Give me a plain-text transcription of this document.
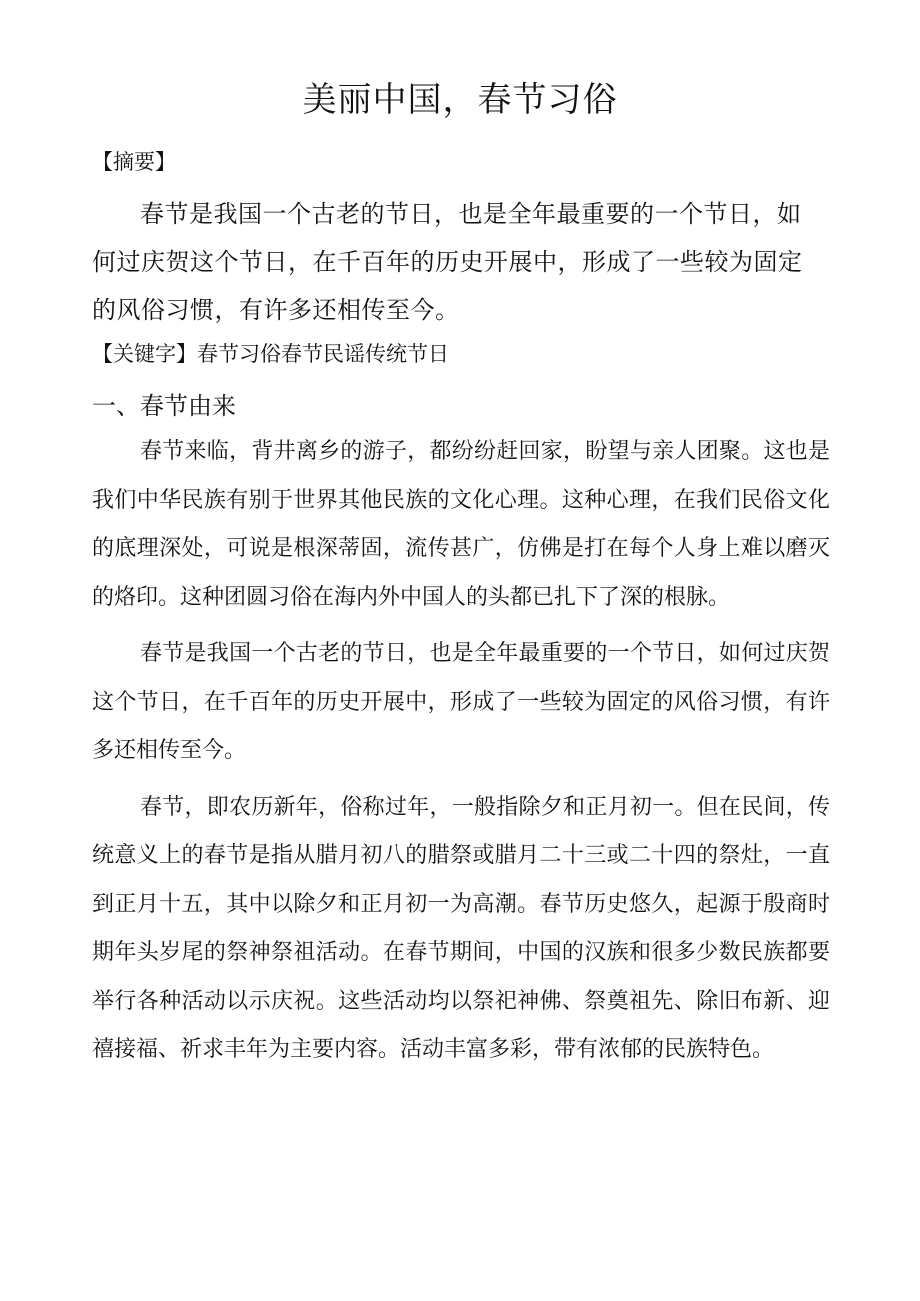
美丽中国，春节习俗

【摘要】

春节是我国一个古老的节日，也是全年最重要的一个节日，如何过庆贺这个节日，在千百年的历史开展中，形成了一些较为固定的风俗习惯，有许多还相传至今。

【关键字】春节习俗春节民谣传统节日

一、春节由来

春节来临，背井离乡的游子，都纷纷赶回家，盼望与亲人团聚。这也是我们中华民族有别于世界其他民族的文化心理。这种心理，在我们民俗文化的底理深处，可说是根深蒂固，流传甚广，仿佛是打在每个人身上难以磨灭的烙印。这种团圆习俗在海内外中国人的头都已扎下了深的根脉。

春节是我国一个古老的节日，也是全年最重要的一个节日，如何过庆贺这个节日，在千百年的历史开展中，形成了一些较为固定的风俗习惯，有许多还相传至今。

春节，即农历新年，俗称过年，一般指除夕和正月初一。但在民间，传统意义上的春节是指从腊月初八的腊祭或腊月二十三或二十四的祭灶，一直到正月十五，其中以除夕和正月初一为高潮。春节历史悠久，起源于殷商时期年头岁尾的祭神祭祖活动。在春节期间，中国的汉族和很多少数民族都要举行各种活动以示庆祝。这些活动均以祭祀神佛、祭奠祖先、除旧布新、迎禧接福、祈求丰年为主要内容。活动丰富多彩，带有浓郁的民族特色。
